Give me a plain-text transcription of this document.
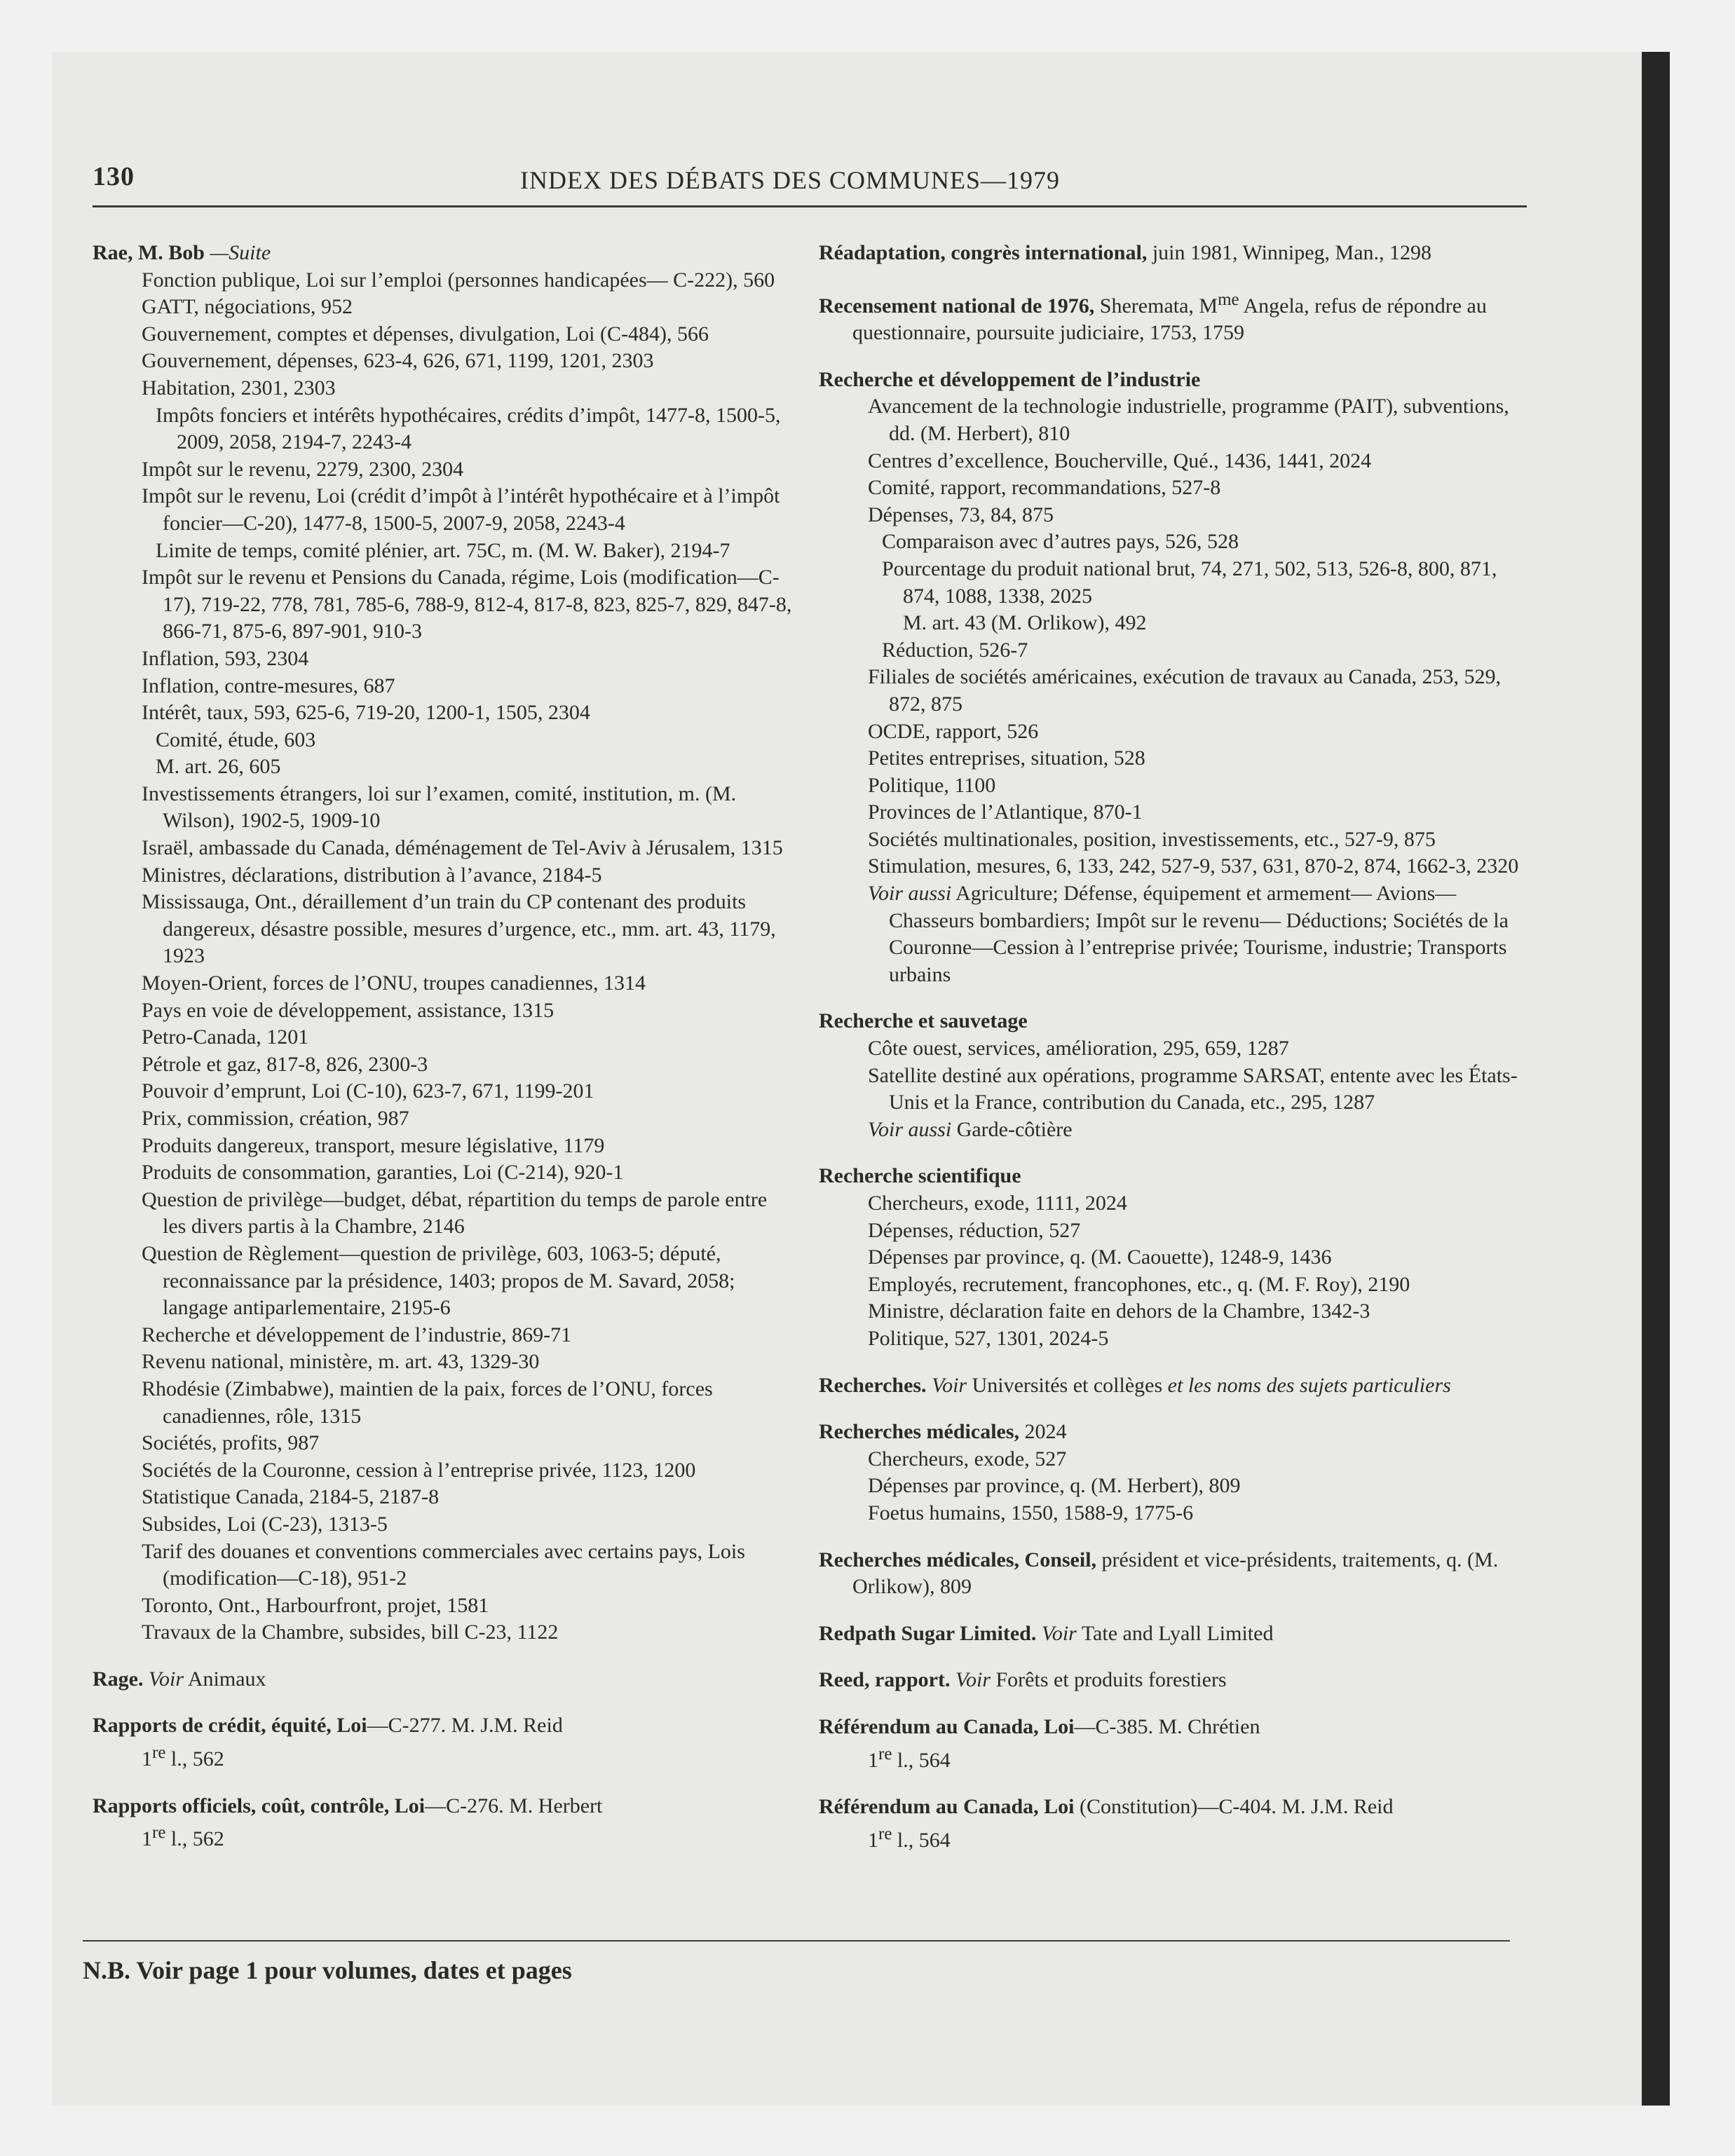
130	INDEX DES DÉBATS DES COMMUNES—1979

Rae, M. Bob —Suite

Fonction publique, Loi sur l’emploi (personnes handicapées— C-222), 560

GATT, négociations, 952

Gouvernement, comptes et dépenses, divulgation, Loi (C-484), 566

Gouvernement, dépenses, 623-4, 626, 671, 1199, 1201, 2303

Habitation, 2301, 2303

Impôts fonciers et intérêts hypothécaires, crédits d’impôt, 1477-8, 1500-5, 2009, 2058, 2194-7, 2243-4

Impôt sur le revenu, 2279, 2300, 2304

Impôt sur le revenu, Loi (crédit d’impôt à l’intérêt hypothécaire et à l’impôt foncier—C-20), 1477-8, 1500-5, 2007-9, 2058, 2243-4

Limite de temps, comité plénier, art. 75C, m. (M. W. Baker), 2194-7

Impôt sur le revenu et Pensions du Canada, régime, Lois (modification—C-17), 719-22, 778, 781, 785-6, 788-9, 812-4, 817-8, 823, 825-7, 829, 847-8, 866-71, 875-6, 897-901, 910-3

Inflation, 593, 2304

Inflation, contre-mesures, 687

Intérêt, taux, 593, 625-6, 719-20, 1200-1, 1505, 2304

Comité, étude, 603

M. art. 26, 605

Investissements étrangers, loi sur l’examen, comité, institution, m. (M. Wilson), 1902-5, 1909-10

Israël, ambassade du Canada, déménagement de Tel-Aviv à Jérusalem, 1315

Ministres, déclarations, distribution à l’avance, 2184-5

Mississauga, Ont., déraillement d’un train du CP contenant des produits dangereux, désastre possible, mesures d’urgence, etc., mm. art. 43, 1179, 1923

Moyen-Orient, forces de l’ONU, troupes canadiennes, 1314

Pays en voie de développement, assistance, 1315

Petro-Canada, 1201

Pétrole et gaz, 817-8, 826, 2300-3

Pouvoir d’emprunt, Loi (C-10), 623-7, 671, 1199-201

Prix, commission, création, 987

Produits dangereux, transport, mesure législative, 1179

Produits de consommation, garanties, Loi (C-214), 920-1

Question de privilège—budget, débat, répartition du temps de parole entre les divers partis à la Chambre, 2146

Question de Règlement—question de privilège, 603, 1063-5; député, reconnaissance par la présidence, 1403; propos de M. Savard, 2058; langage antiparlementaire, 2195-6

Recherche et développement de l’industrie, 869-71

Revenu national, ministère, m. art. 43, 1329-30

Rhodésie (Zimbabwe), maintien de la paix, forces de l’ONU, forces canadiennes, rôle, 1315

Sociétés, profits, 987

Sociétés de la Couronne, cession à l’entreprise privée, 1123, 1200

Statistique Canada, 2184-5, 2187-8

Subsides, Loi (C-23), 1313-5

Tarif des douanes et conventions commerciales avec certains pays, Lois (modification—C-18), 951-2

Toronto, Ont., Harbourfront, projet, 1581

Travaux de la Chambre, subsides, bill C-23, 1122

Rage. Voir Animaux

Rapports de crédit, équité, Loi—C-277. M. J.M. Reid

1re l., 562

Rapports officiels, coût, contrôle, Loi—C-276. M. Herbert

1re l., 562

Réadaptation, congrès international, juin 1981, Winnipeg, Man., 1298

Recensement national de 1976, Sheremata, $M^{me}$ Angela, refus de répondre au questionnaire, poursuite judiciaire, 1753, 1759

Recherche et développement de l’industrie

Avancement de la technologie industrielle, programme (PAIT), subventions, dd. (M. Herbert), 810

Centres d’excellence, Boucherville, Qué., 1436, 1441, 2024

Comité, rapport, recommandations, 527-8

Dépenses, 73, 84, 875

Comparaison avec d’autres pays, 526, 528

Pourcentage du produit national brut, 74, 271, 502, 513, 526-8, 800, 871, 874, 1088, 1338, 2025

M. art. 43 (M. Orlikow), 492

Réduction, 526-7

Filiales de sociétés américaines, exécution de travaux au Canada, 253, 529, 872, 875

OCDE, rapport, 526

Petites entreprises, situation, 528

Politique, 1100

Provinces de l’Atlantique, 870-1

Sociétés multinationales, position, investissements, etc., 527-9, 875

Stimulation, mesures, 6, 133, 242, 527-9, 537, 631, 870-2, 874, 1662-3, 2320

Voir aussi Agriculture; Défense, équipement et armement— Avions—Chasseurs bombardiers; Impôt sur le revenu— Déductions; Sociétés de la Couronne—Cession à l’entreprise privée; Tourisme, industrie; Transports urbains

Recherche et sauvetage

Côte ouest, services, amélioration, 295, 659, 1287

Satellite destiné aux opérations, programme SARSAT, entente avec les États-Unis et la France, contribution du Canada, etc., 295, 1287

Voir aussi Garde-côtière

Recherche scientifique

Chercheurs, exode, 1111, 2024

Dépenses, réduction, 527

Dépenses par province, q. (M. Caouette), 1248-9, 1436

Employés, recrutement, francophones, etc., q. (M. F. Roy), 2190

Ministre, déclaration faite en dehors de la Chambre, 1342-3

Politique, 527, 1301, 2024-5

Recherches. Voir Universités et collèges et les noms des sujets particuliers

Recherches médicales, 2024

Chercheurs, exode, 527

Dépenses par province, q. (M. Herbert), 809

Foetus humains, 1550, 1588-9, 1775-6

Recherches médicales, Conseil, président et vice-présidents, traitements, q. (M. Orlikow), 809

Redpath Sugar Limited. Voir Tate and Lyall Limited

Reed, rapport. Voir Forêts et produits forestiers

Référendum au Canada, Loi—C-385. M. Chrétien

1re l., 564

Référendum au Canada, Loi (Constitution)—C-404. M. J.M. Reid

1re l., 564

N.B. Voir page 1 pour volumes, dates et pages
